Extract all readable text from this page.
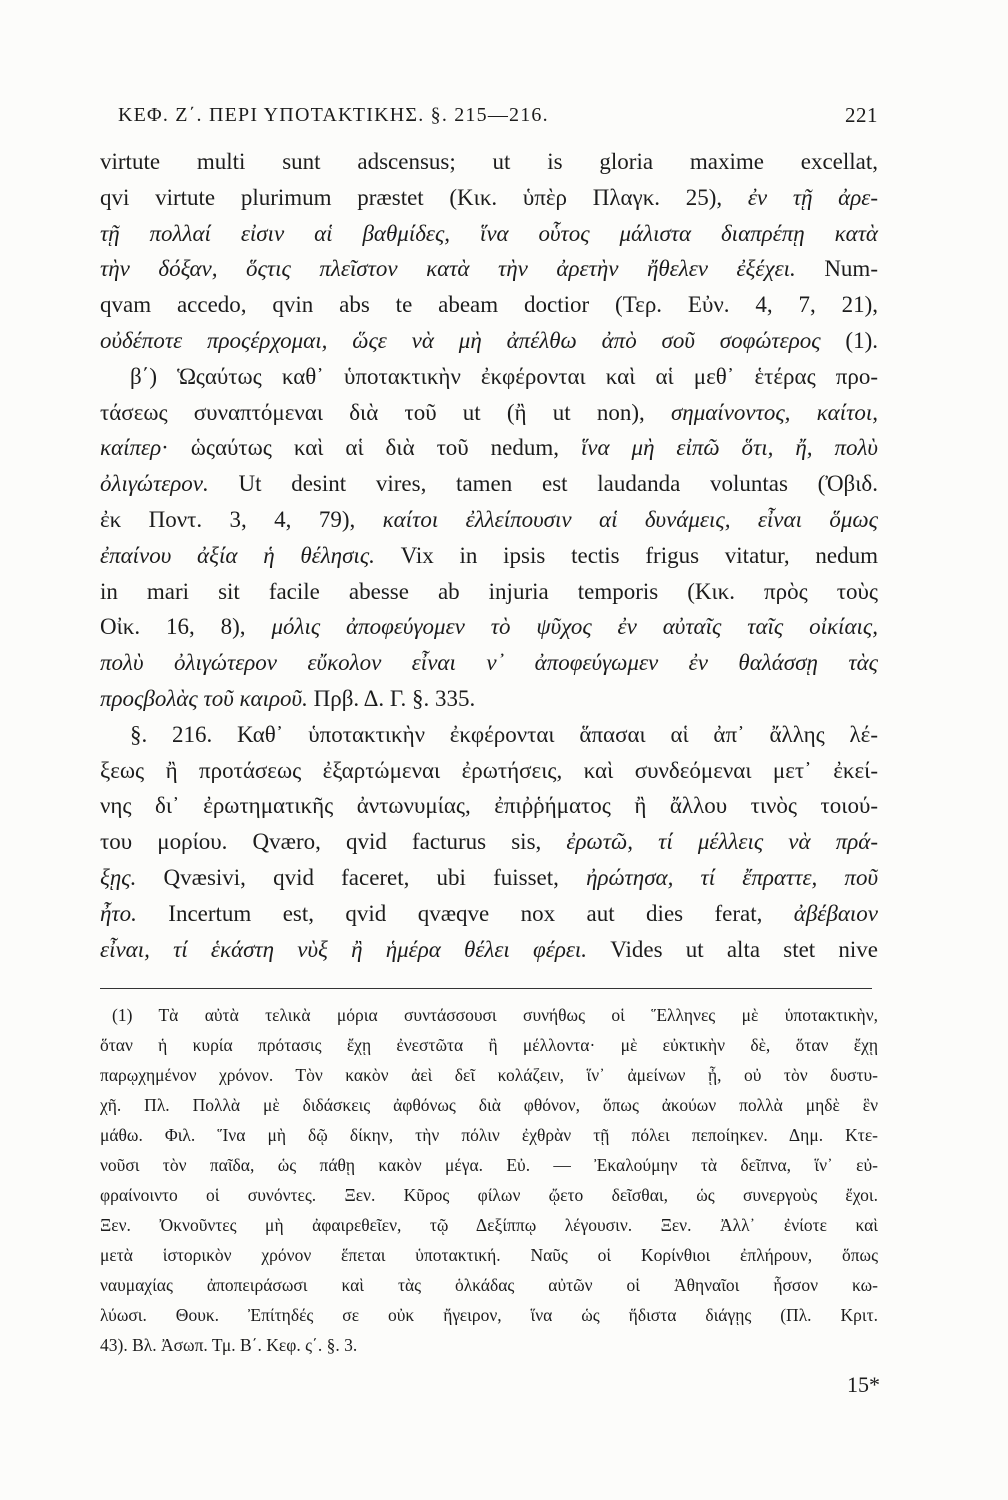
ΚΕΦ. Ζ΄. ΠΕΡΙ ΥΠΟΤΑΚΤΙΚΗΣ. §. 215—216.	221
virtute multi sunt adscensus; ut is gloria maxime excellat,
qvi virtute plurimum præstet (Κικ. ὑπὲρ Πλαγκ. 25), ἐν τῇ ἀρε-
τῇ πολλαί εἰσιν αἱ βαθμίδες, ἵνα οὗτος μάλιστα διαπρέπῃ κατὰ
τὴν δόξαν, ὅςτις πλεῖστον κατὰ τὴν ἀρετὴν ἤθελεν ἐξέχει. Num-
qvam accedo, qvin abs te abeam doctior (Τερ. Εὐν. 4, 7, 21),
οὐδέποτε προςέρχομαι, ὥςε νὰ μὴ ἀπέλθω ἀπὸ σοῦ σοφώτερος (1).
β΄) Ὡςαύτως καθ᾽ ὑποτακτικὴν ἐκφέρονται καὶ αἱ μεθ᾽ ἑτέρας προ-
τάσεως συναπτόμεναι διὰ τοῦ ut (ἢ ut non), σημαίνοντος, καίτοι,
καίπερ· ὡςαύτως καὶ αἱ διὰ τοῦ nedum, ἵνα μὴ εἰπῶ ὅτι, ἤ, πολὺ
ὀλιγώτερον. Ut desint vires, tamen est laudanda voluntas (Ὀβιδ.
ἐκ Ποντ. 3, 4, 79), καίτοι ἐλλείπουσιν αἱ δυνάμεις, εἶναι ὅμως
ἐπαίνου ἀξία ἡ θέλησις. Vix in ipsis tectis frigus vitatur, nedum
in mari sit facile abesse ab injuria temporis (Κικ. πρὸς τοὺς
Οἰκ. 16, 8), μόλις ἀποφεύγομεν τὸ ψῦχος ἐν αὐταῖς ταῖς οἰκίαις,
πολὺ ὀλιγώτερον εὔκολον εἶναι ν᾽ ἀποφεύγωμεν ἐν θαλάσσῃ τὰς
προςβολὰς τοῦ καιροῦ. Πρβ. Δ. Γ. §. 335.
§. 216. Καθ᾽ ὑποτακτικὴν ἐκφέρονται ἅπασαι αἱ ἀπ᾽ ἄλλης λέ-
ξεως ἢ προτάσεως ἐξαρτώμεναι ἐρωτήσεις, καὶ συνδεόμεναι μετ᾽ ἐκεί-
νης δι᾽ ἐρωτηματικῆς ἀντωνυμίας, ἐπιῤῥήματος ἢ ἄλλου τινὸς τοιού-
του μορίου. Qværo, qvid facturus sis, ἐρωτῶ, τί μέλλεις νὰ πρά-
ξῃς. Qvæsivi, qvid faceret, ubi fuisset, ἠρώτησα, τί ἔπραττε, ποῦ
ἦτο. Incertum est, qvid qvæqve nox aut dies ferat, ἀβέβαιον
εἶναι, τί ἑκάστη νὺξ ἢ ἡμέρα θέλει φέρει. Vides ut alta stet nive
(1) Τὰ αὐτὰ τελικὰ μόρια συντάσσουσι συνήθως οἱ Ἕλληνες μὲ ὑποτακτικὴν,
ὅταν ἡ κυρία πρότασις ἔχῃ ἐνεστῶτα ἢ μέλλοντα· μὲ εὐκτικὴν δὲ, ὅταν ἔχῃ
παρῳχημένον χρόνον. Τὸν κακὸν ἀεὶ δεῖ κολάζειν, ἵν᾽ ἀμείνων ᾖ, οὐ τὸν δυστυ-
χῆ. Πλ. Πολλὰ μὲ διδάσκεις ἀφθόνως διὰ φθόνον, ὅπως ἀκούων πολλὰ μηδὲ ἓν
μάθω. Φιλ. Ἵνα μὴ δῷ δίκην, τὴν πόλιν ἐχθρὰν τῇ πόλει πεποίηκεν. Δημ. Κτε-
νοῦσι τὸν παῖδα, ὡς πάθῃ κακὸν μέγα. Εὐ. — Ἐκαλούμην τὰ δεῖπνα, ἵν᾽ εὐ-
φραίνοιντο οἱ συνόντες. Ξεν. Κῦρος φίλων ᾤετο δεῖσθαι, ὡς συνεργοὺς ἔχοι.
Ξεν. Ὀκνοῦντες μὴ ἀφαιρεθεῖεν, τῷ Δεξίππῳ λέγουσιν. Ξεν. Ἀλλ᾽ ἐνίοτε καὶ
μετὰ ἱστορικὸν χρόνον ἕπεται ὑποτακτική. Ναῦς οἱ Κορίνθιοι ἐπλήρουν, ὅπως
ναυμαχίας ἀποπειράσωσι καὶ τὰς ὁλκάδας αὐτῶν οἱ Ἀθηναῖοι ἧσσον κω-
λύωσι. Θουκ. Ἐπίτηδές σε οὐκ ἤγειρον, ἵνα ὡς ἥδιστα διάγῃς (Πλ. Κριτ.
43). Βλ. Ἀσωπ. Τμ. Β΄. Κεφ. ς΄. §. 3.
15*
